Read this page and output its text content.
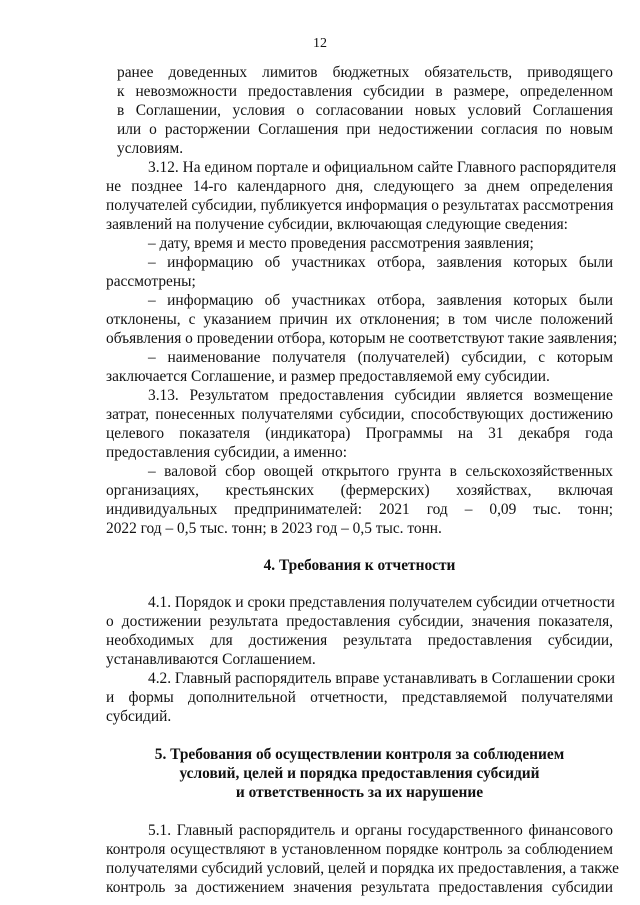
12
ранее доведенных лимитов бюджетных обязательств, приводящего
к невозможности предоставления субсидии в размере, определенном
в Соглашении, условия о согласовании новых условий Соглашения
или о расторжении Соглашения при недостижении согласия по новым
условиям.
3.12. На едином портале и официальном сайте Главного распорядителя
не позднее 14-го календарного дня, следующего за днем определения
получателей субсидии, публикуется информация о результатах рассмотрения
заявлений на получение субсидии, включающая следующие сведения:
– дату, время и место проведения рассмотрения заявления;
– информацию об участниках отбора, заявления которых были
рассмотрены;
– информацию об участниках отбора, заявления которых были
отклонены, с указанием причин их отклонения; в том числе положений
объявления о проведении отбора, которым не соответствуют такие заявления;
– наименование получателя (получателей) субсидии, с которым
заключается Соглашение, и размер предоставляемой ему субсидии.
3.13. Результатом предоставления субсидии является возмещение
затрат, понесенных получателями субсидии, способствующих достижению
целевого показателя (индикатора) Программы на 31 декабря года
предоставления субсидии, а именно:
– валовой сбор овощей открытого грунта в сельскохозяйственных
организациях, крестьянских (фермерских) хозяйствах, включая
индивидуальных предпринимателей: 2021 год – 0,09 тыс. тонн;
2022 год – 0,5 тыс. тонн; в 2023 год – 0,5 тыс. тонн.
4. Требования к отчетности
4.1. Порядок и сроки представления получателем субсидии отчетности
о достижении результата предоставления субсидии, значения показателя,
необходимых для достижения результата предоставления субсидии,
устанавливаются Соглашением.
4.2. Главный распорядитель вправе устанавливать в Соглашении сроки
и формы дополнительной отчетности, представляемой получателями
субсидий.
5. Требования об осуществлении контроля за соблюдением
условий, целей и порядка предоставления субсидий
и ответственность за их нарушение
5.1. Главный распорядитель и органы государственного финансового
контроля осуществляют в установленном порядке контроль за соблюдением
получателями субсидий условий, целей и порядка их предоставления, а также
контроль за достижением значения результата предоставления субсидии
